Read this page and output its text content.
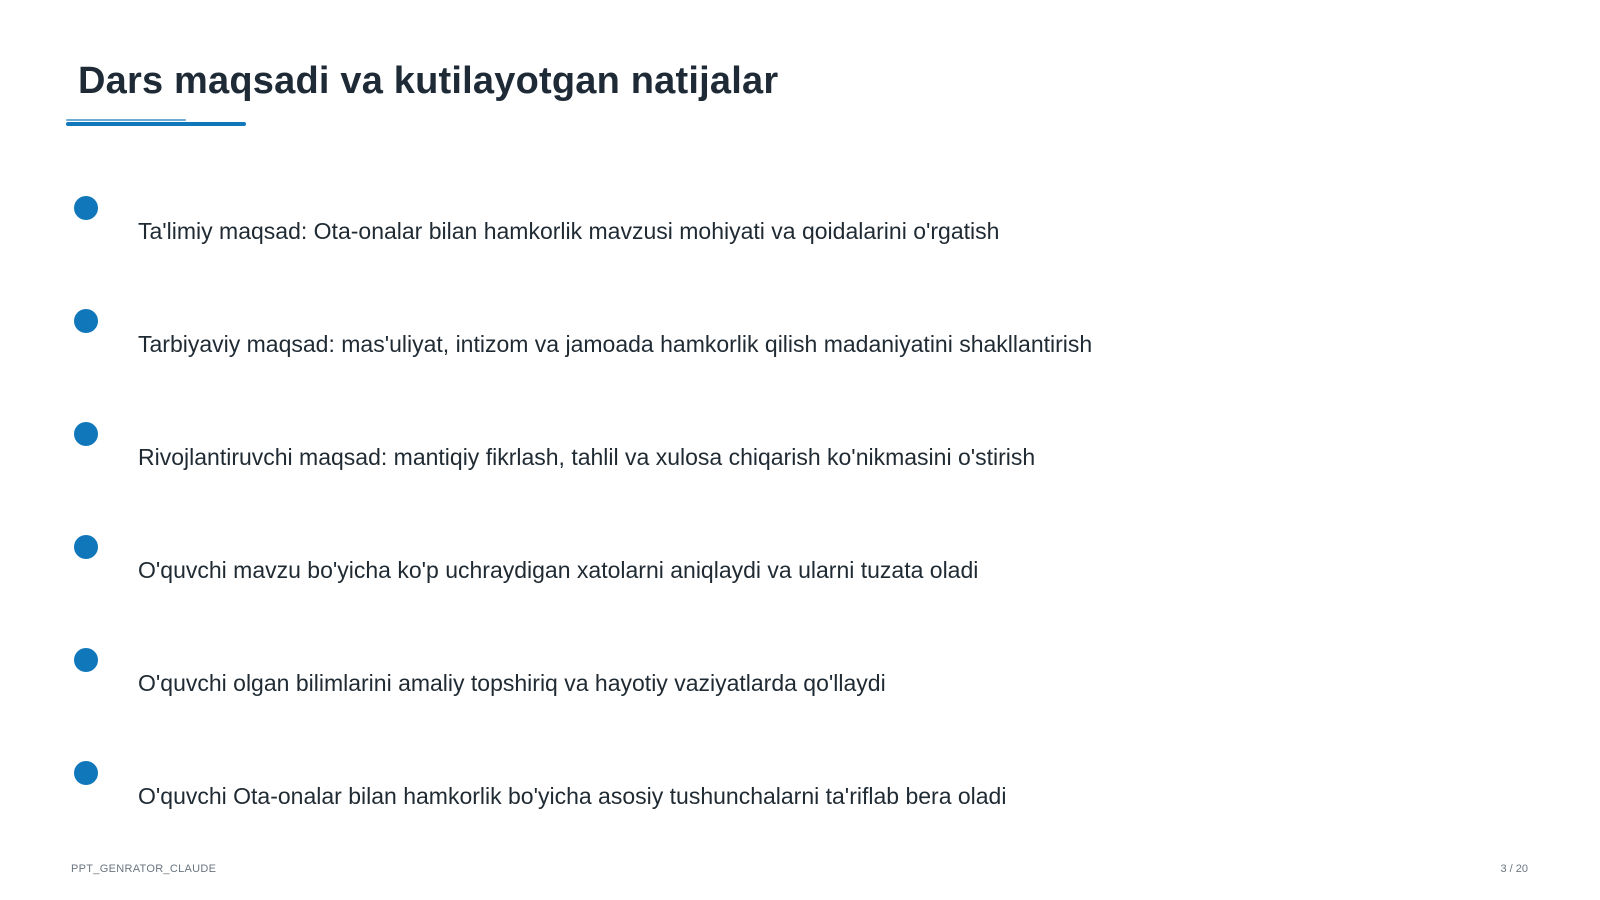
Dars maqsadi va kutilayotgan natijalar
Ta'limiy maqsad: Ota-onalar bilan hamkorlik mavzusi mohiyati va qoidalarini o'rgatish
Tarbiyaviy maqsad: mas'uliyat, intizom va jamoada hamkorlik qilish madaniyatini shakllantirish
Rivojlantiruvchi maqsad: mantiqiy fikrlash, tahlil va xulosa chiqarish ko'nikmasini o'stirish
O'quvchi mavzu bo'yicha ko'p uchraydigan xatolarni aniqlaydi va ularni tuzata oladi
O'quvchi olgan bilimlarini amaliy topshiriq va hayotiy vaziyatlarda qo'llaydi
O'quvchi Ota-onalar bilan hamkorlik bo'yicha asosiy tushunchalarni ta'riflab bera oladi
PPT_GENRATOR_CLAUDE	3 / 20
